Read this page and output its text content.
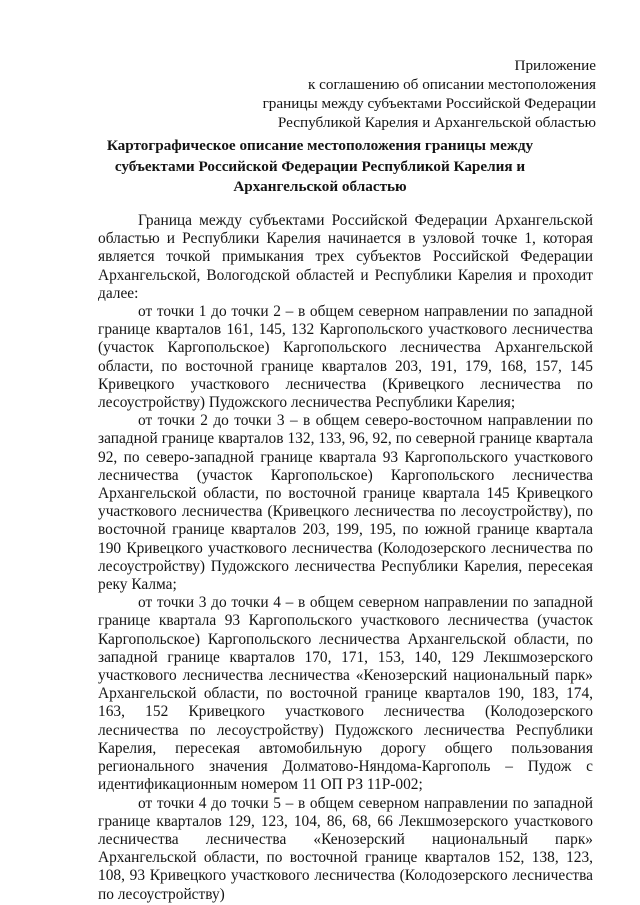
Приложение
к соглашению об описании местоположения
границы между субъектами Российской Федерации
Республикой Карелия и Архангельской областью
Картографическое описание местоположения границы между
субъектами Российской Федерации Республикой Карелия и
Архангельской областью

Граница между субъектами Российской Федерации Архангельской областью и Республики Карелия начинается в узловой точке 1, которая является точкой примыкания трех субъектов Российской Федерации Архангельской, Вологодской областей и Республики Карелия и проходит далее:

от точки 1 до точки 2 – в общем северном направлении по западной границе кварталов 161, 145, 132 Каргопольского участкового лесничества (участок Каргопольское) Каргопольского лесничества Архангельской области, по восточной границе кварталов 203, 191, 179, 168, 157, 145 Кривецкого участкового лесничества (Кривецкого лесничества по лесоустройству) Пудожского лесничества Республики Карелия;

от точки 2 до точки 3 – в общем северо-восточном направлении по западной границе кварталов 132, 133, 96, 92, по северной границе квартала 92, по северо-западной границе квартала 93 Каргопольского участкового лесничества (участок Каргопольское) Каргопольского лесничества Архангельской области, по восточной границе квартала 145 Кривецкого участкового лесничества (Кривецкого лесничества по лесоустройству), по восточной границе кварталов 203, 199, 195, по южной границе квартала 190 Кривецкого участкового лесничества (Колодозерского лесничества по лесоустройству) Пудожского лесничества Республики Карелия, пересекая реку Калма;

от точки 3 до точки 4 – в общем северном направлении по западной границе квартала 93 Каргопольского участкового лесничества (участок Каргопольское) Каргопольского лесничества Архангельской области, по западной границе кварталов 170, 171, 153, 140, 129 Лекшмозерского участкового лесничества лесничества «Кенозерский национальный парк» Архангельской области, по восточной границе кварталов 190, 183, 174, 163, 152 Кривецкого участкового лесничества (Колодозерского лесничества по лесоустройству) Пудожского лесничества Республики Карелия, пересекая автомобильную дорогу общего пользования регионального значения Долматово-Няндома-Каргополь – Пудож с идентификационным номером 11 ОП РЗ 11Р-002;

от точки 4 до точки 5 – в общем северном направлении по западной границе кварталов 129, 123, 104, 86, 68, 66 Лекшмозерского участкового лесничества лесничества «Кенозерский национальный парк» Архангельской области, по восточной границе кварталов 152, 138, 123, 108, 93 Кривецкого участкового лесничества (Колодозерского лесничества по лесоустройству)
